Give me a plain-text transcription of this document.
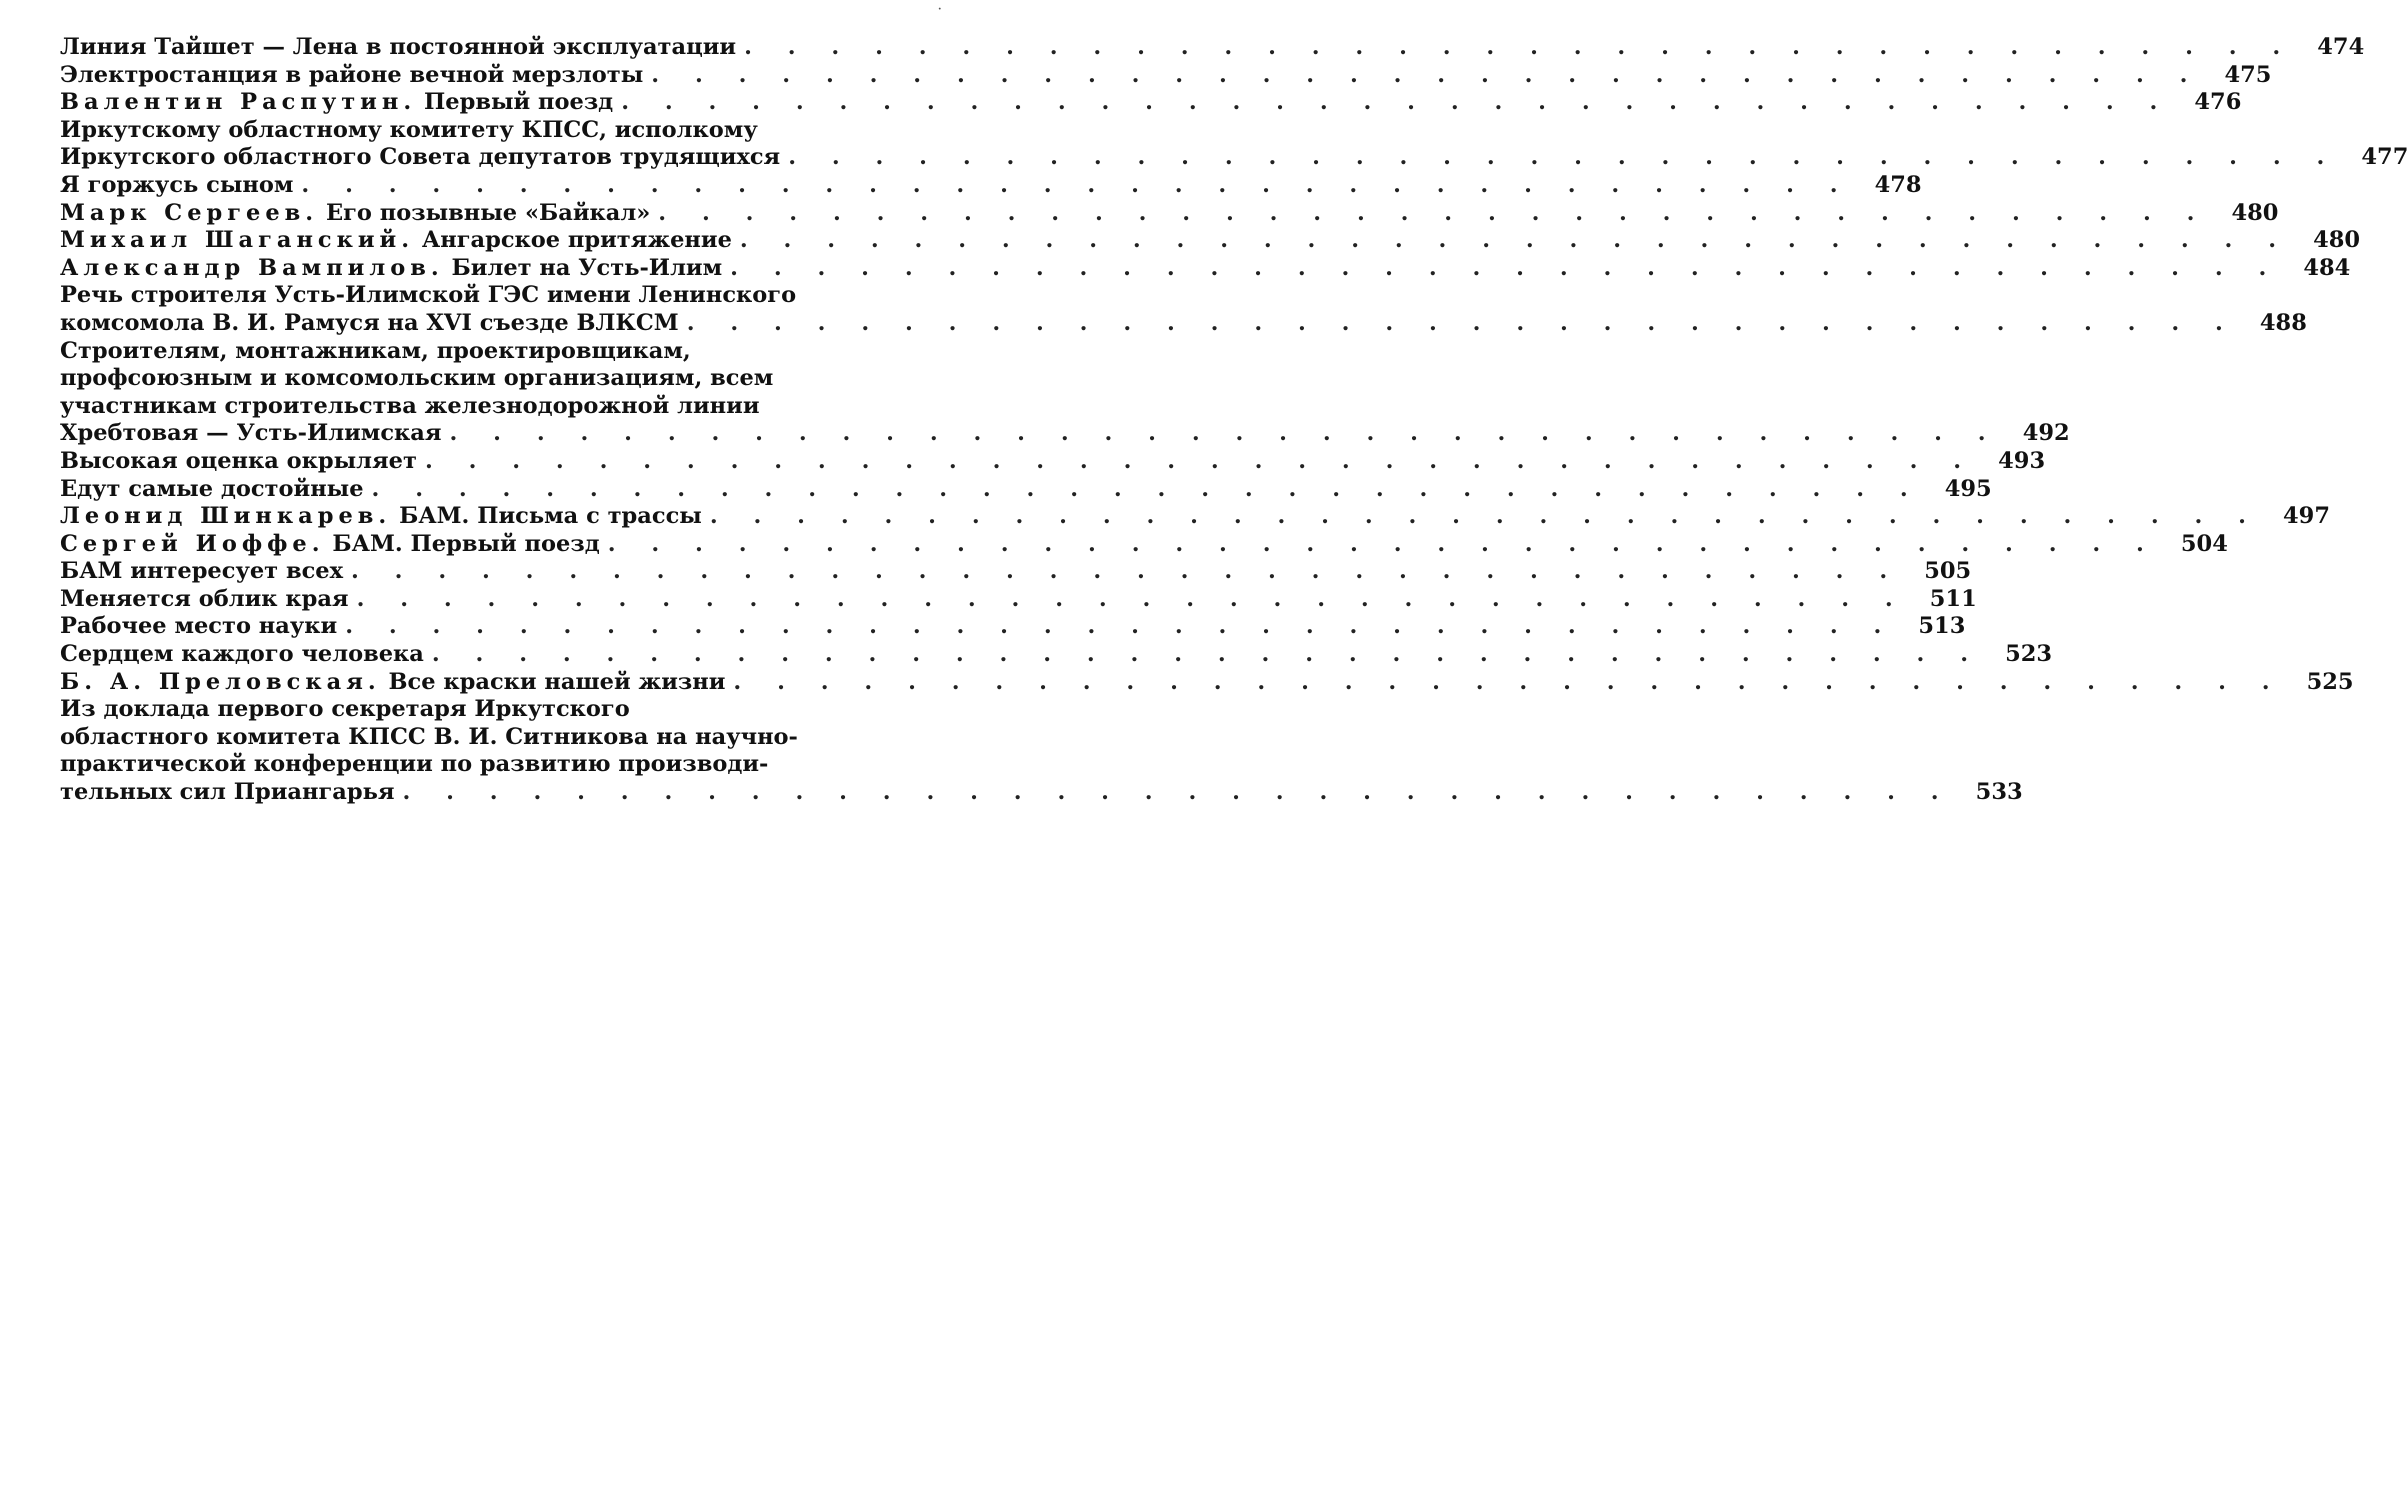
·
Линия Тайшет — Лена в постоянной эксплуатации . . .	474
Электростанция в районе вечной мерзлоты . . .	475
Валентин Распутин. Первый поезд . . .	476
Иркутскому областному комитету КПСС, исполкому
Иркутского областного Совета депутатов трудящихся . . .	477
Я горжусь сыном . . .	478
Марк Сергеев. Его позывные «Байкал» . . .	480
Михаил Шаганский. Ангарское притяжение . . .	480
Александр Вампилов. Билет на Усть-Илим . . .	484
Речь строителя Усть-Илимской ГЭС имени Ленинского
комсомола В. И. Рамуся на XVI съезде ВЛКСМ . . .	488
Строителям, монтажникам, проектировщикам,
профсоюзным и комсомольским организациям, всем
участникам строительства железнодорожной линии
Хребтовая — Усть-Илимская . . .	492
Высокая оценка окрыляет . . .	493
Едут самые достойные . . .	495
Леонид Шинкарев. БАМ. Письма с трассы . . .	497
Сергей Иоффе. БАМ. Первый поезд . . .	504
БАМ интересует всех . . .	505
Меняется облик края . . .	511
Рабочее место науки . . .	513
Сердцем каждого человека . . .	523
Б. А. Преловская. Все краски нашей жизни . . .	525
Из доклада первого секретаря Иркутского
областного комитета КПСС В. И. Ситникова на научно-
практической конференции по развитию производи-
тельных сил Приангарья . . .	533
